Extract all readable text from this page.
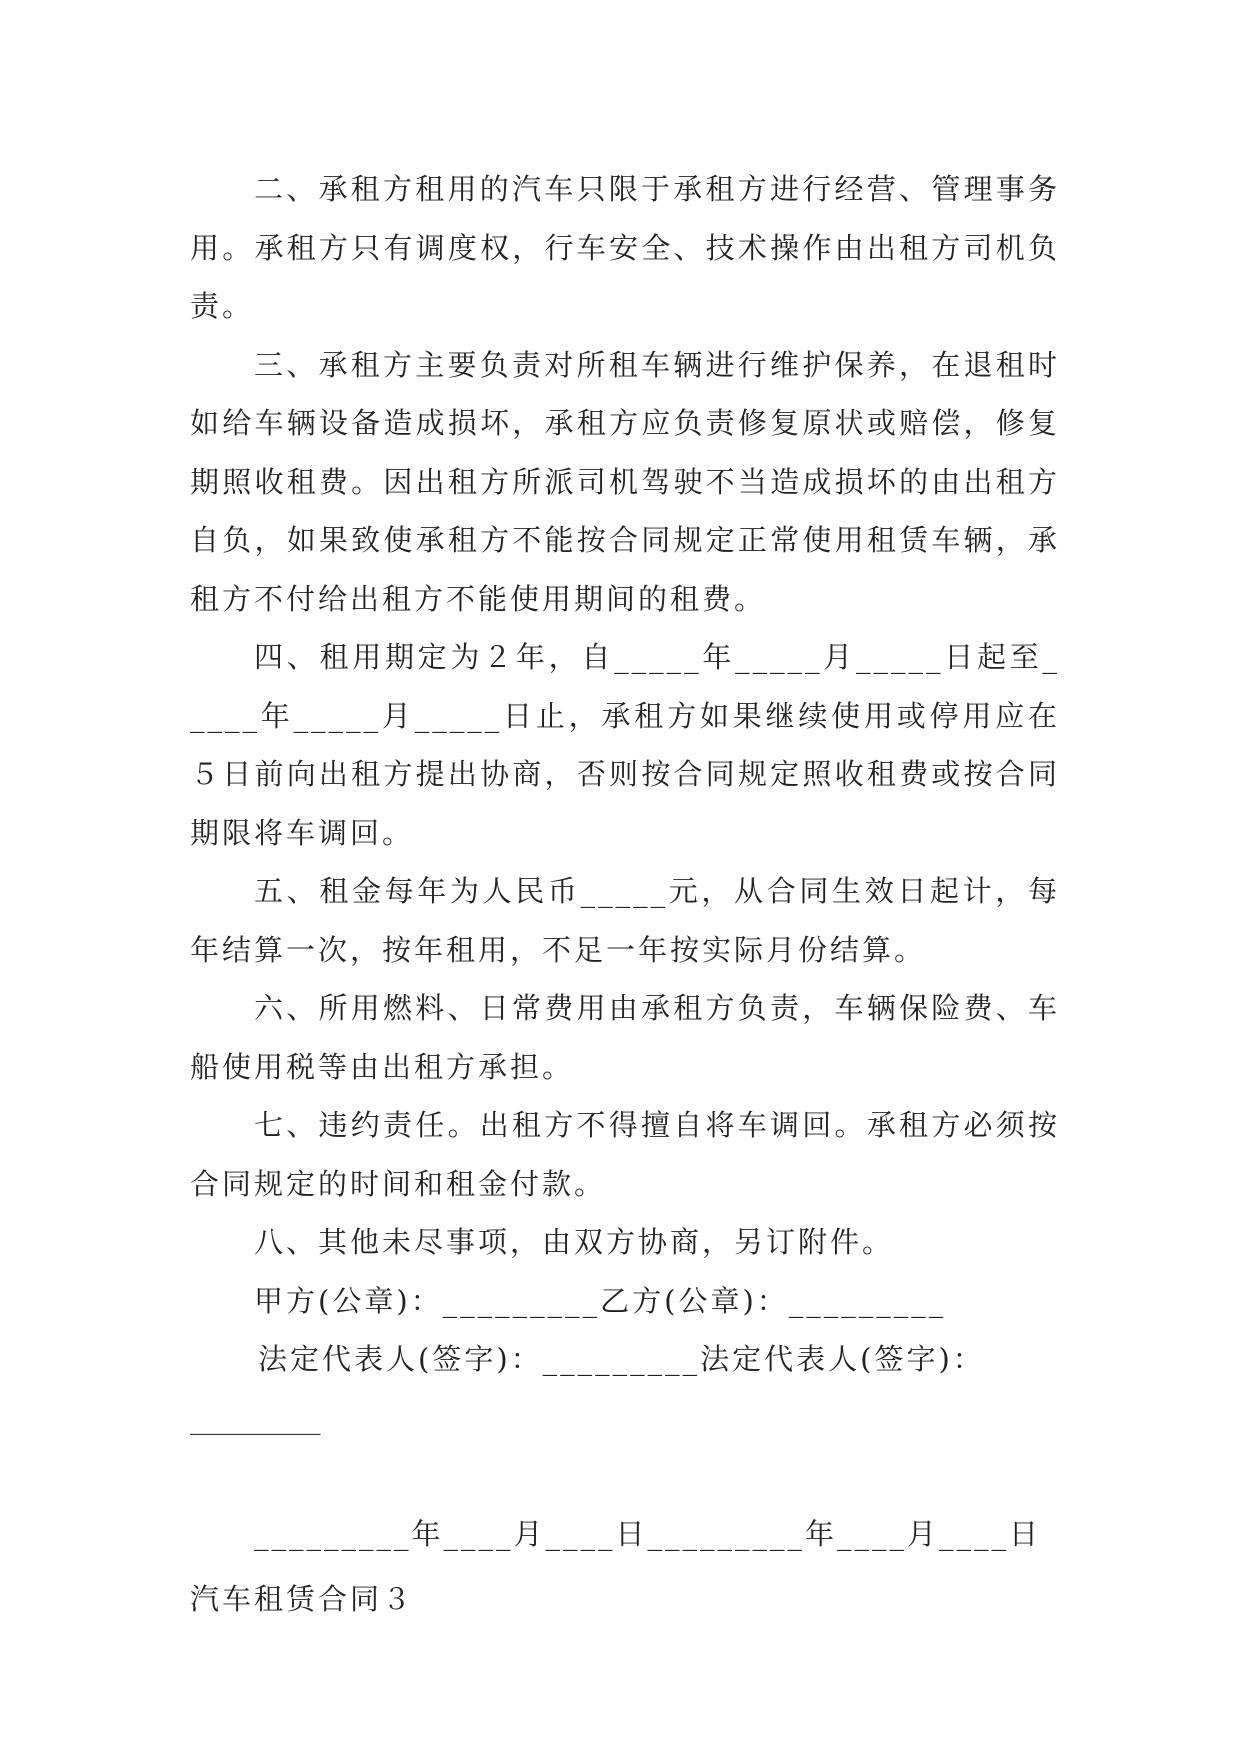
二、承租方租用的汽车只限于承租方进行经营、管理事务用。承租方只有调度权，行车安全、技术操作由出租方司机负责。

三、承租方主要负责对所租车辆进行维护保养，在退租时如给车辆设备造成损坏，承租方应负责修复原状或赔偿，修复期照收租费。因出租方所派司机驾驶不当造成损坏的由出租方自负，如果致使承租方不能按合同规定正常使用租赁车辆，承租方不付给出租方不能使用期间的租费。

四、租用期定为２年，自_____年_____月_____日起至_____年_____月_____日止，承租方如果继续使用或停用应在５日前向出租方提出协商，否则按合同规定照收租费或按合同期限将车调回。

五、租金每年为人民币_____元，从合同生效日起计，每年结算一次，按年租用，不足一年按实际月份结算。

六、所用燃料、日常费用由承租方负责，车辆保险费、车船使用税等由出租方承担。

七、违约责任。出租方不得擅自将车调回。承租方必须按合同规定的时间和租金付款。

八、其他未尽事项，由双方协商，另订附件。

甲方(公章)：_________乙方(公章)：_________

法定代表人(签字)：_________法定代表人(签字)：

_________

_________年____月____日_________年____月____日

汽车租赁合同３
